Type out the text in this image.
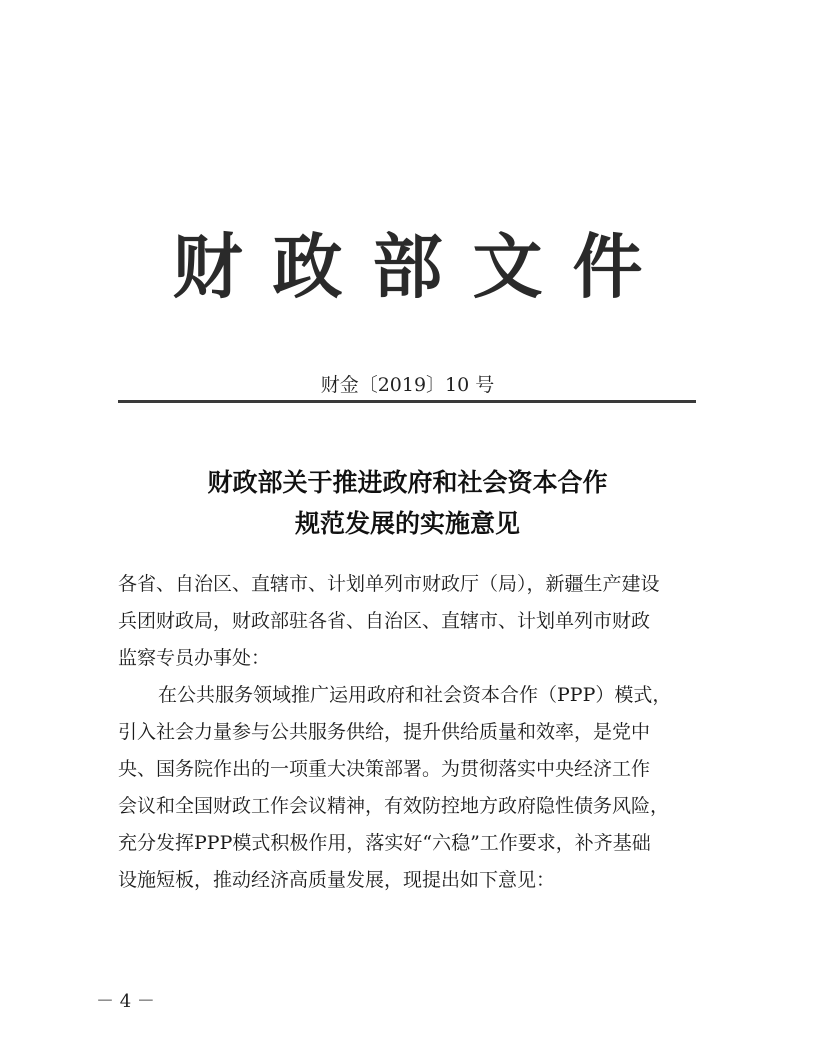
财政部文件
财金〔2019〕10 号
财政部关于推进政府和社会资本合作
规范发展的实施意见
各省、自治区、直辖市、计划单列市财政厅（局），新疆生产建设
兵团财政局，财政部驻各省、自治区、直辖市、计划单列市财政
监察专员办事处：
在公共服务领域推广运用政府和社会资本合作（PPP）模式，
引入社会力量参与公共服务供给，提升供给质量和效率，是党中
央、国务院作出的一项重大决策部署。为贯彻落实中央经济工作
会议和全国财政工作会议精神，有效防控地方政府隐性债务风险，
充分发挥PPP模式积极作用，落实好“六稳”工作要求，补齐基础
设施短板，推动经济高质量发展，现提出如下意见：
－ 4 －
